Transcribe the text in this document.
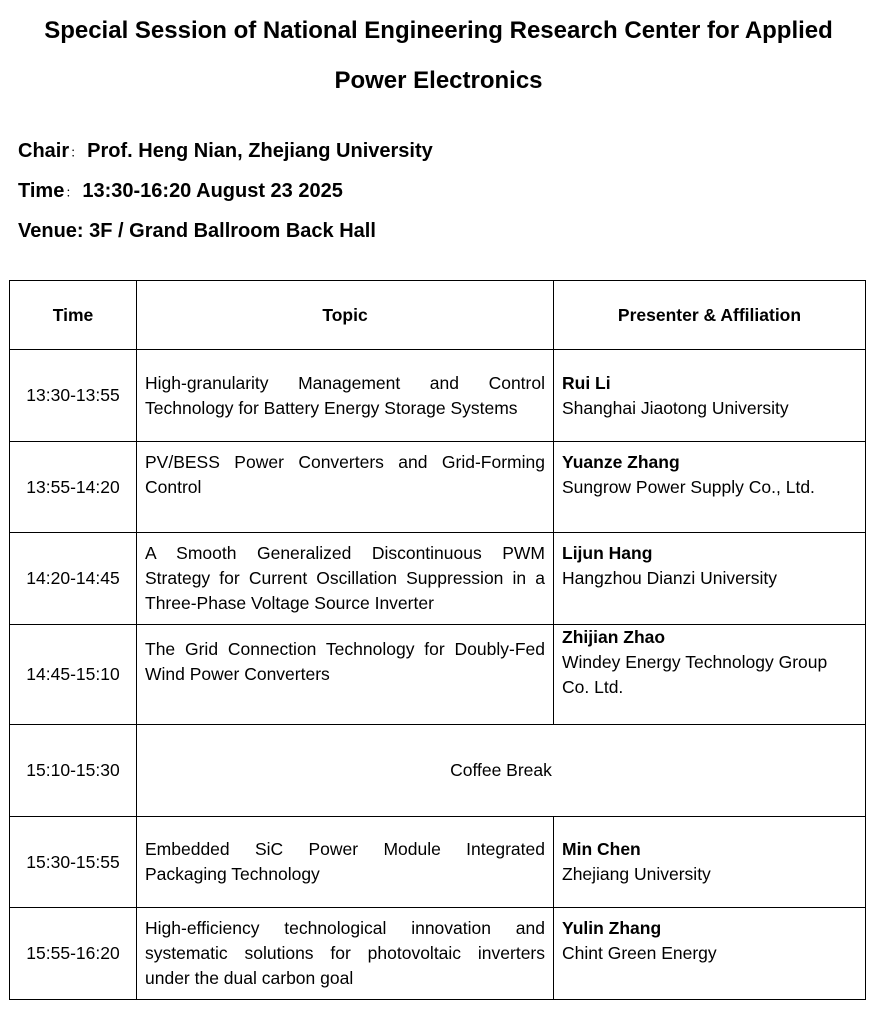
Special Session of National Engineering Research Center for Applied
Power Electronics
Chair： Prof. Heng Nian, Zhejiang University
Time： 13:30-16:20 August 23 2025
Venue: 3F / Grand Ballroom Back Hall
Time	Topic	Presenter & Affiliation
13:30-13:55	High-granularity Management and Control Technology for Battery Energy Storage Systems	Rui Li
Shanghai Jiaotong University

13:55-14:20	PV/BESS Power Converters and Grid-Forming Control	Yuanze Zhang
Sungrow Power Supply Co., Ltd.

14:20-14:45	A Smooth Generalized Discontinuous PWM Strategy for Current Oscillation Suppression in a Three-Phase Voltage Source Inverter	Lijun Hang
Hangzhou Dianzi University

14:45-15:10	The Grid Connection Technology for Doubly-Fed Wind Power Converters	Zhijian Zhao
Windey Energy Technology Group Co. Ltd.

15:10-15:30	Coffee Break	
15:30-15:55	Embedded SiC Power Module Integrated Packaging Technology	Min Chen
Zhejiang University

15:55-16:20	High-efficiency technological innovation and systematic solutions for photovoltaic inverters under the dual carbon goal	Yulin Zhang
Chint Green Energy
